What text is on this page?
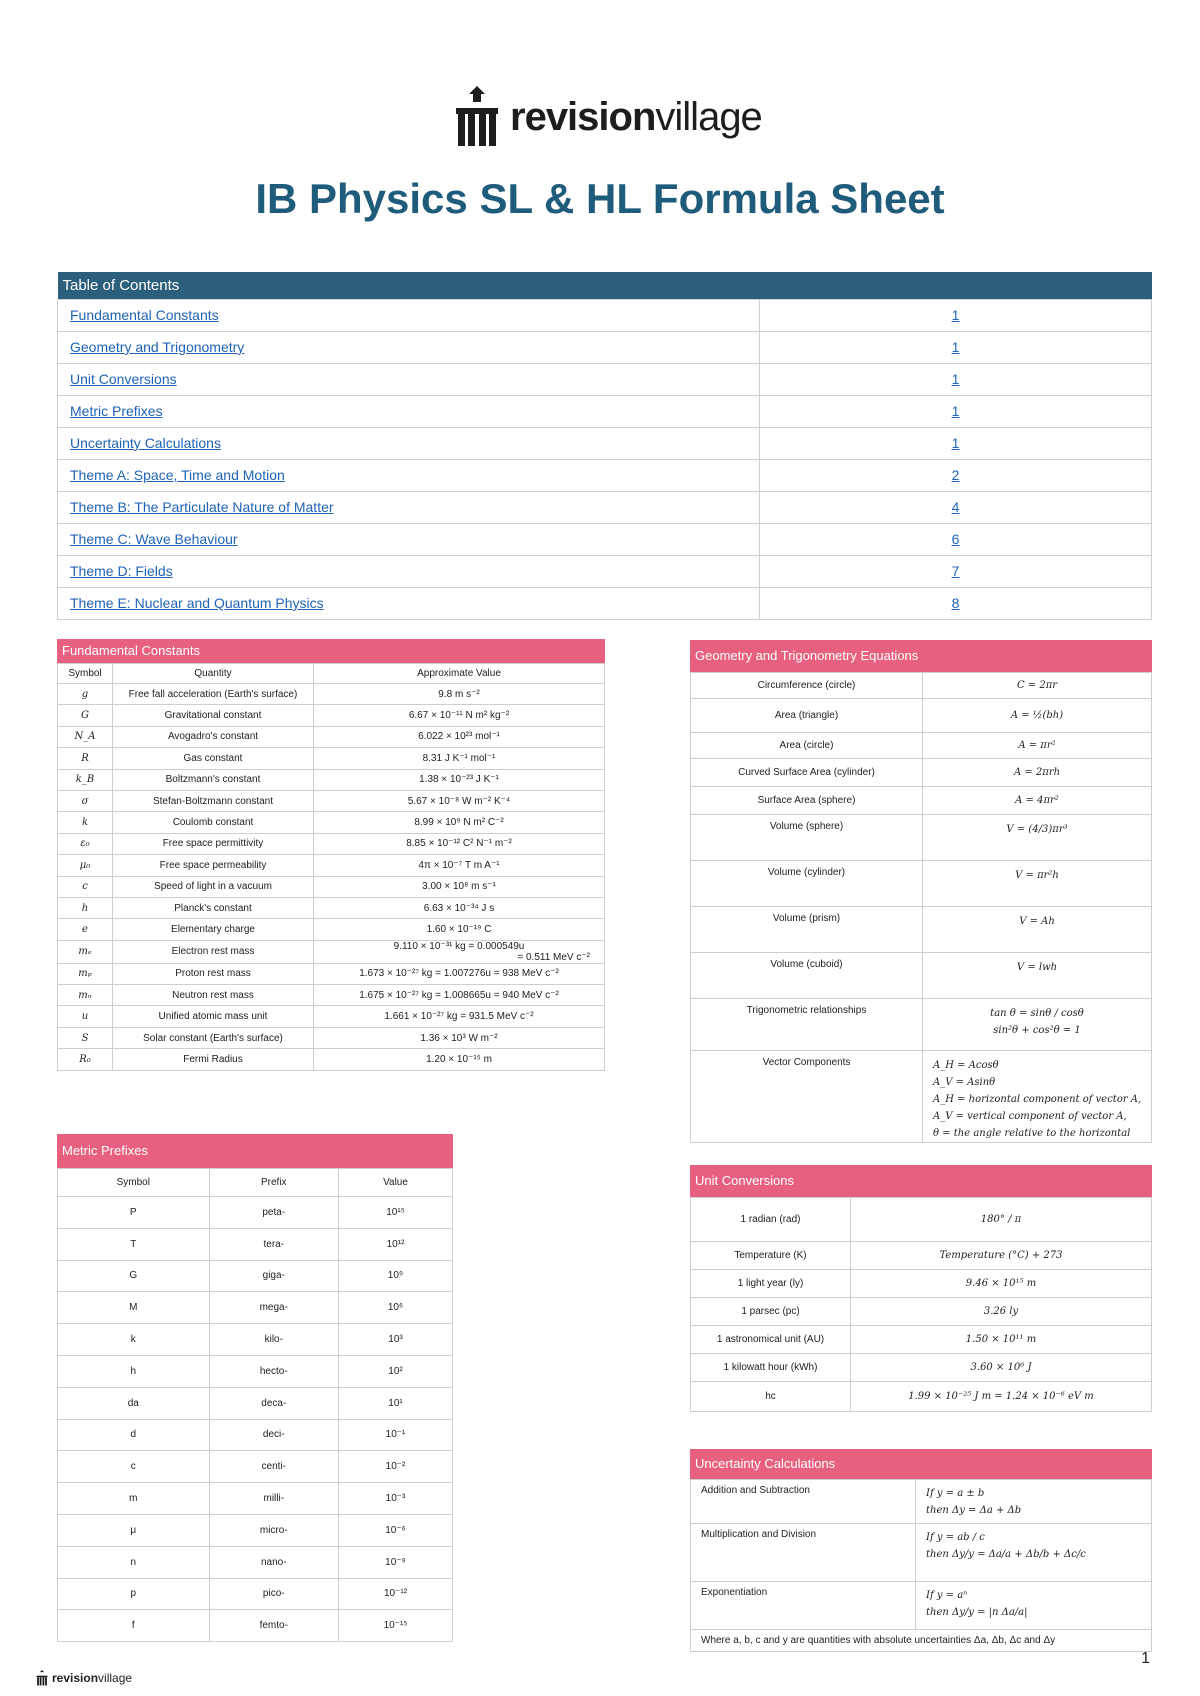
revisionvillage
IB Physics SL & HL Formula Sheet
Table of Contents	
Fundamental Constants	1
Geometry and Trigonometry	1
Unit Conversions	1
Metric Prefixes	1
Uncertainty Calculations	1
Theme A: Space, Time and Motion	2
Theme B: The Particulate Nature of Matter	4
Theme C: Wave Behaviour	6
Theme D: Fields	7
Theme E: Nuclear and Quantum Physics	8
Fundamental Constants
Symbol	Quantity	Approximate Value
g	Free fall acceleration (Earth's surface)	9.8 m s⁻²

G	Gravitational constant	6.67 × 10⁻¹¹ N m² kg⁻²

N_A	Avogadro's constant	6.022 × 10²³ mol⁻¹

R	Gas constant	8.31 J K⁻¹ mol⁻¹

k_B	Boltzmann's constant	1.38 × 10⁻²³ J K⁻¹

σ	Stefan-Boltzmann constant	5.67 × 10⁻⁸ W m⁻² K⁻⁴

k	Coulomb constant	8.99 × 10⁹ N m² C⁻²

ε₀	Free space permittivity	8.85 × 10⁻¹² C² N⁻¹ m⁻²

μ₀	Free space permeability	4π × 10⁻⁷ T m A⁻¹

c	Speed of light in a vacuum	3.00 × 10⁸ m s⁻¹

h	Planck's constant	6.63 × 10⁻³⁴ J s

e	Elementary charge	1.60 × 10⁻¹⁹ C

mₑ	Electron rest mass	9.110 × 10⁻³¹ kg = 0.000549u
= 0.511 MeV c⁻²

mₚ	Proton rest mass	1.673 × 10⁻²⁷ kg = 1.007276u = 938 MeV c⁻²

mₙ	Neutron rest mass	1.675 × 10⁻²⁷ kg = 1.008665u = 940 MeV c⁻²

u	Unified atomic mass unit	1.661 × 10⁻²⁷ kg = 931.5 MeV c⁻²

S	Solar constant (Earth's surface)	1.36 × 10³ W m⁻²

R₀	Fermi Radius	1.20 × 10⁻¹⁵ m
Metric Prefixes
Symbol	Prefix	Value
P	peta-	10¹⁵
T	tera-	10¹²
G	giga-	10⁹
M	mega-	10⁶
k	kilo-	10³
h	hecto-	10²
da	deca-	10¹
d	deci-	10⁻¹
c	centi-	10⁻²
m	milli-	10⁻³
μ	micro-	10⁻⁶
n	nano-	10⁻⁹
p	pico-	10⁻¹²
f	femto-	10⁻¹⁵
Geometry and Trigonometry Equations
Circumference (circle)	C = 2πr

Area (triangle)	A = ½(bh)

Area (circle)	A = πr²

Curved Surface Area (cylinder)	A = 2πrh

Surface Area (sphere)	A = 4πr²

Volume (sphere)	V = (4/3)πr³

Volume (cylinder)	V = πr²h

Volume (prism)	V = Ah

Volume (cuboid)	V = lwh

Trigonometric relationships	tan θ = sinθ / cosθ
sin²θ + cos²θ = 1

Vector Components	A_H = Acosθ
A_V = Asinθ
A_H = horizontal component of vector A,
A_V = vertical component of vector A,
θ = the angle relative to the horizontal
Unit Conversions
1 radian (rad)	180° / π
Temperature (K)	Temperature (°C) + 273
1 light year (ly)	9.46 × 10¹⁵ m
1 parsec (pc)	3.26 ly
1 astronomical unit (AU)	1.50 × 10¹¹ m
1 kilowatt hour (kWh)	3.60 × 10⁶ J
hc	1.99 × 10⁻²⁵ J m = 1.24 × 10⁻⁶ eV m
Uncertainty Calculations
Addition and Subtraction	If y = a ± b
then Δy = Δa + Δb

Multiplication and Division	If y = ab / c
then Δy/y = Δa/a + Δb/b + Δc/c

Exponentiation	If y = aⁿ
then Δy/y = |n Δa/a|

Where a, b, c and y are quantities with absolute uncertainties Δa, Δb, Δc and Δy	
1
revisionvillage
